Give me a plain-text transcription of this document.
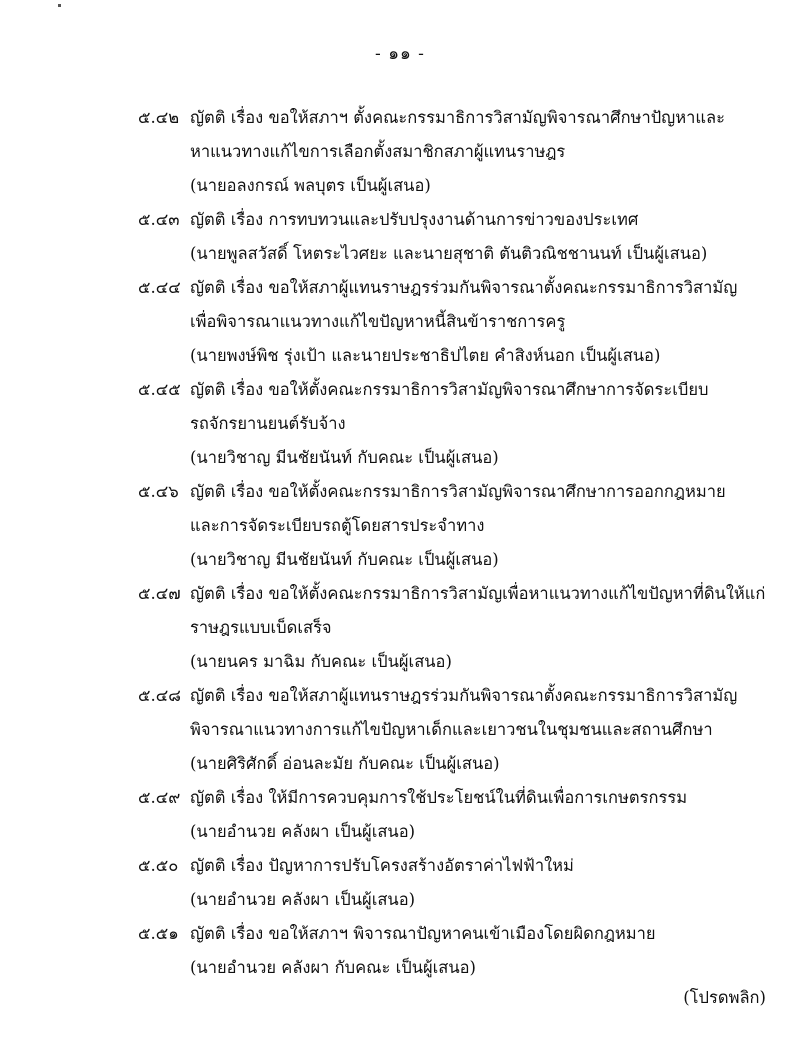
- ๑๑ -
๕.๔๒ ญัตติ เรื่อง ขอให้สภาฯ ตั้งคณะกรรมาธิการวิสามัญพิจารณาศึกษาปัญหาและ
หาแนวทางแก้ไขการเลือกตั้งสมาชิกสภาผู้แทนราษฎร
(นายอลงกรณ์ พลบุตร เป็นผู้เสนอ)
๕.๔๓ ญัตติ เรื่อง การทบทวนและปรับปรุงงานด้านการข่าวของประเทศ
(นายพูลสวัสดิ์ โหตระไวศยะ และนายสุชาติ ตันติวณิชชานนท์ เป็นผู้เสนอ)
๕.๔๔ ญัตติ เรื่อง ขอให้สภาผู้แทนราษฎรร่วมกันพิจารณาตั้งคณะกรรมาธิการวิสามัญ
เพื่อพิจารณาแนวทางแก้ไขปัญหาหนี้สินข้าราชการครู
(นายพงษ์พิช รุ่งเป้า และนายประชาธิปไตย คำสิงห์นอก เป็นผู้เสนอ)
๕.๔๕ ญัตติ เรื่อง ขอให้ตั้งคณะกรรมาธิการวิสามัญพิจารณาศึกษาการจัดระเบียบ
รถจักรยานยนต์รับจ้าง
(นายวิชาญ มีนชัยนันท์ กับคณะ เป็นผู้เสนอ)
๕.๔๖ ญัตติ เรื่อง ขอให้ตั้งคณะกรรมาธิการวิสามัญพิจารณาศึกษาการออกกฎหมาย
และการจัดระเบียบรถตู้โดยสารประจำทาง
(นายวิชาญ มีนชัยนันท์ กับคณะ เป็นผู้เสนอ)
๕.๔๗ ญัตติ เรื่อง ขอให้ตั้งคณะกรรมาธิการวิสามัญเพื่อหาแนวทางแก้ไขปัญหาที่ดินให้แก่
ราษฎรแบบเบ็ดเสร็จ
(นายนคร มาฉิม กับคณะ เป็นผู้เสนอ)
๕.๔๘ ญัตติ เรื่อง ขอให้สภาผู้แทนราษฎรร่วมกันพิจารณาตั้งคณะกรรมาธิการวิสามัญ
พิจารณาแนวทางการแก้ไขปัญหาเด็กและเยาวชนในชุมชนและสถานศึกษา
(นายศิริศักดิ์ อ่อนละมัย กับคณะ เป็นผู้เสนอ)
๕.๔๙ ญัตติ เรื่อง ให้มีการควบคุมการใช้ประโยชน์ในที่ดินเพื่อการเกษตรกรรม
(นายอำนวย คลังผา เป็นผู้เสนอ)
๕.๕๐ ญัตติ เรื่อง ปัญหาการปรับโครงสร้างอัตราค่าไฟฟ้าใหม่
(นายอำนวย คลังผา เป็นผู้เสนอ)
๕.๕๑ ญัตติ เรื่อง ขอให้สภาฯ พิจารณาปัญหาคนเข้าเมืองโดยผิดกฎหมาย
(นายอำนวย คลังผา กับคณะ เป็นผู้เสนอ)
(โปรดพลิก)
